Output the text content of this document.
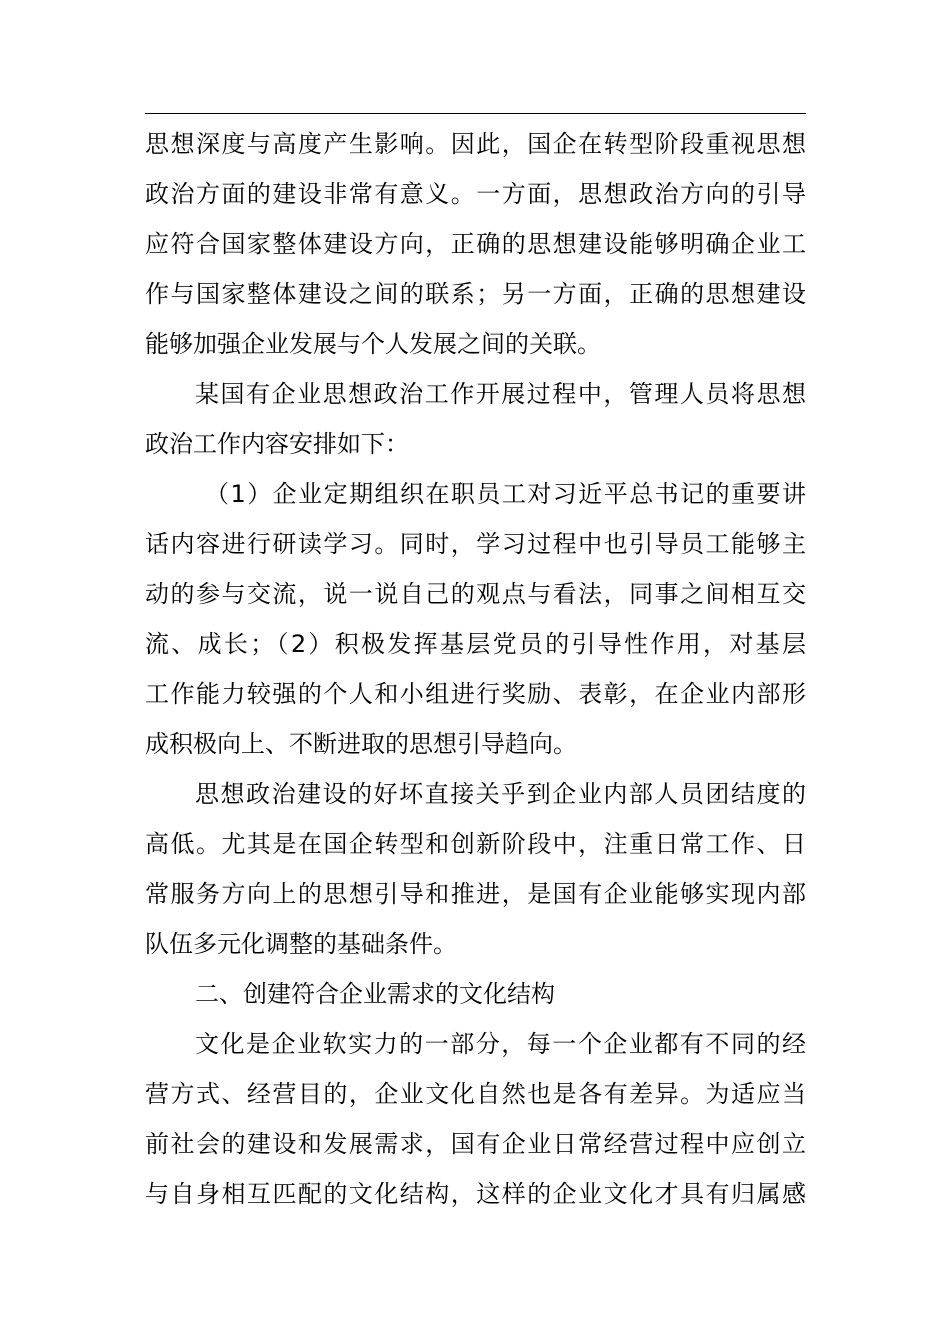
思想深度与高度产生影响。因此，国企在转型阶段重视思想
政治方面的建设非常有意义。一方面，思想政治方向的引导
应符合国家整体建设方向，正确的思想建设能够明确企业工
作与国家整体建设之间的联系；另一方面，正确的思想建设
能够加强企业发展与个人发展之间的关联。
某国有企业思想政治工作开展过程中，管理人员将思想
政治工作内容安排如下：
（1）企业定期组织在职员工对习近平总书记的重要讲
话内容进行研读学习。同时，学习过程中也引导员工能够主
动的参与交流，说一说自己的观点与看法，同事之间相互交
流、成长；（2）积极发挥基层党员的引导性作用，对基层
工作能力较强的个人和小组进行奖励、表彰，在企业内部形
成积极向上、不断进取的思想引导趋向。
思想政治建设的好坏直接关乎到企业内部人员团结度的
高低。尤其是在国企转型和创新阶段中，注重日常工作、日
常服务方向上的思想引导和推进，是国有企业能够实现内部
队伍多元化调整的基础条件。
二、创建符合企业需求的文化结构
文化是企业软实力的一部分，每一个企业都有不同的经
营方式、经营目的，企业文化自然也是各有差异。为适应当
前社会的建设和发展需求，国有企业日常经营过程中应创立
与自身相互匹配的文化结构，这样的企业文化才具有归属感
